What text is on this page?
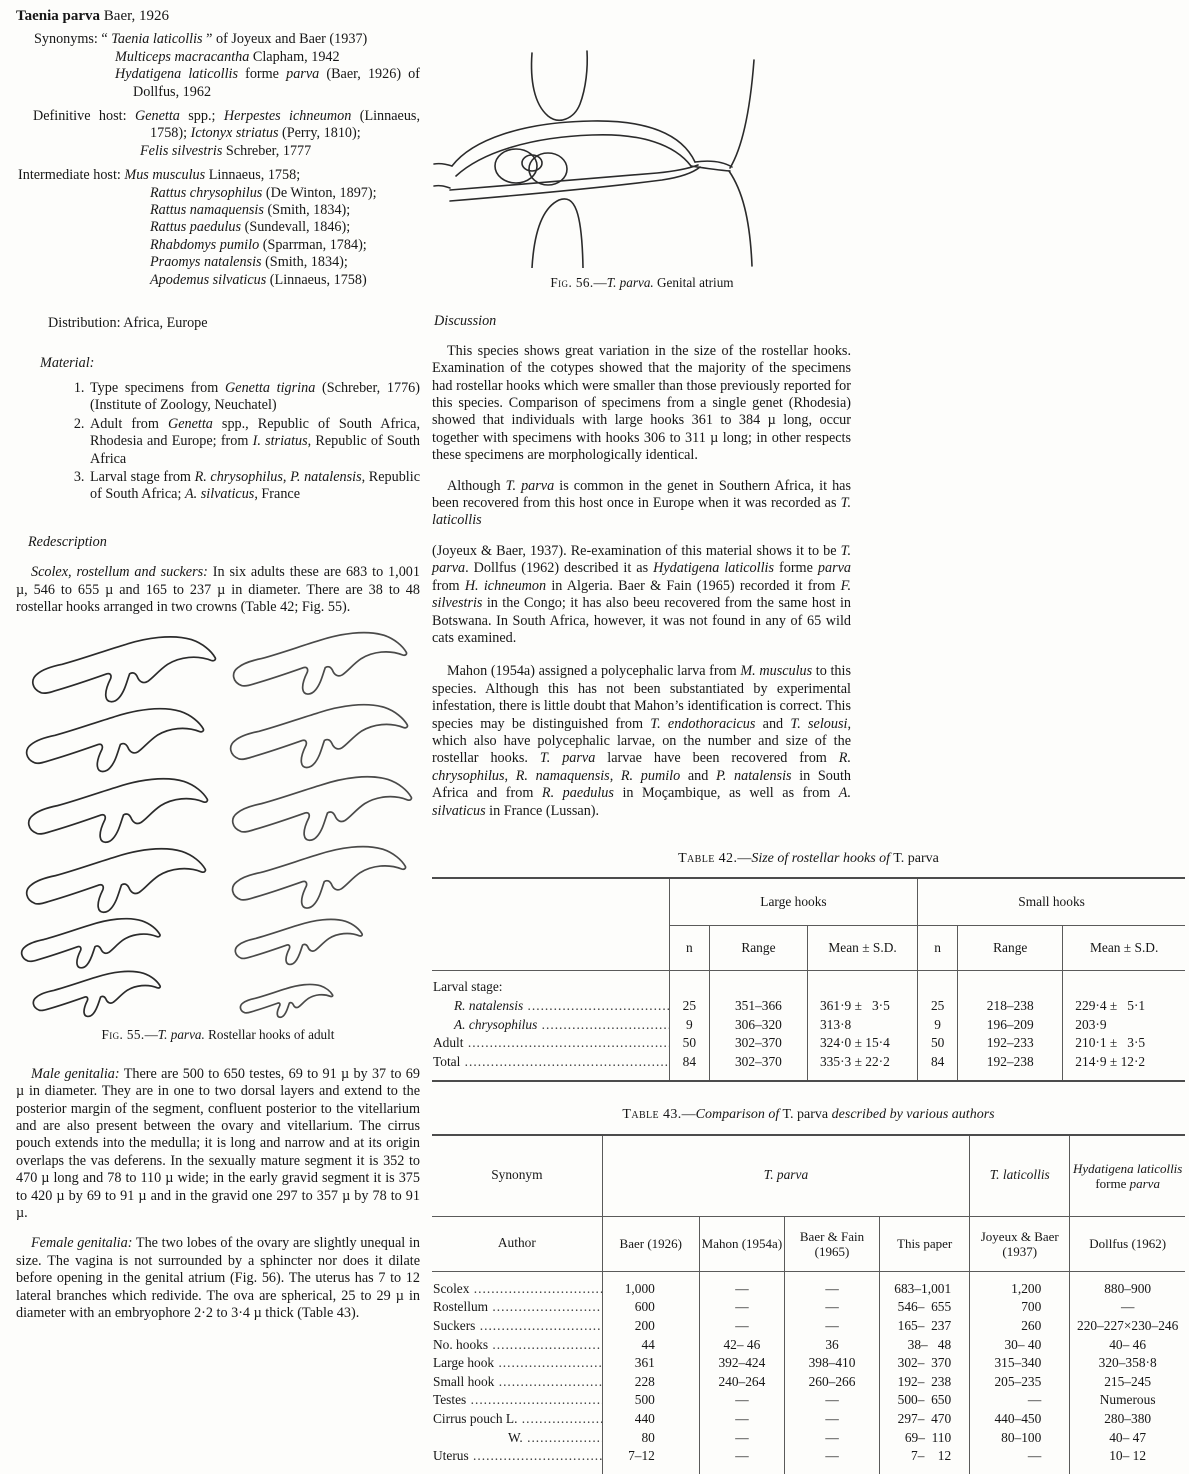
Taenia parva Baer, 1926
Synonyms: “ Taenia laticollis ” of Joyeux and Baer (1937)
Multiceps macracantha Clapham, 1942
Hydatigena laticollis forme parva (Baer, 1926) of Dollfus, 1962
Definitive host: Genetta spp.; Herpestes ichneumon (Linnaeus, 1758); Ictonyx striatus (Perry, 1810);
Felis silvestris Schreber, 1777
Intermediate host: Mus musculus Linnaeus, 1758;
Rattus chrysophilus (De Winton, 1897);
Rattus namaquensis (Smith, 1834);
Rattus paedulus (Sundevall, 1846);
Rhabdomys pumilo (Sparrman, 1784);
Praomys natalensis (Smith, 1834);
Apodemus silvaticus (Linnaeus, 1758)
Distribution: Africa, Europe
Material:
1. Type specimens from Genetta tigrina (Schreber, 1776) (Institute of Zoology, Neuchatel)
2. Adult from Genetta spp., Republic of South Africa, Rhodesia and Europe; from I. striatus, Republic of South Africa
3. Larval stage from R. chrysophilus, P. natalensis, Republic of South Africa; A. silvaticus, France
Redescription

Scolex, rostellum and suckers: In six adults these are 683 to 1,001 µ, 546 to 655 µ and 165 to 237 µ in diameter. There are 38 to 48 rostellar hooks arranged in two crowns (Table 42; Fig. 55).

Fig. 55.—T. parva. Rostellar hooks of adult

Male genitalia: There are 500 to 650 testes, 69 to 91 µ by 37 to 69 µ in diameter. They are in one to two dorsal layers and extend to the posterior margin of the segment, confluent posterior to the vitellarium and are also present between the ovary and vitellarium. The cirrus pouch extends into the medulla; it is long and narrow and at its origin overlaps the vas deferens. In the sexually mature segment it is 352 to 470 µ long and 78 to 110 µ wide; in the early gravid segment it is 375 to 420 µ by 69 to 91 µ and in the gravid one 297 to 357 µ by 78 to 91 µ.

Female genitalia: The two lobes of the ovary are slightly unequal in size. The vagina is not surrounded by a sphincter nor does it dilate before opening in the genital atrium (Fig. 56). The uterus has 7 to 12 lateral branches which redivide. The ova are spherical, 25 to 29 µ in diameter with an embryophore 2·2 to 3·4 µ thick (Table 43).

Fig. 56.—T. parva. Genital atrium
Discussion

This species shows great variation in the size of the rostellar hooks. Examination of the cotypes showed that the majority of the specimens had rostellar hooks which were smaller than those previously reported for this species. Comparison of specimens from a single genet (Rhodesia) showed that individuals with large hooks 361 to 384 µ long, occur together with specimens with hooks 306 to 311 µ long; in other respects these specimens are morphologically identical.

Although T. parva is common in the genet in Southern Africa, it has been recovered from this host once in Europe when it was recorded as T. laticollis

(Joyeux & Baer, 1937). Re-examination of this material shows it to be T. parva. Dollfus (1962) described it as Hydatigena laticollis forme parva from H. ichneumon in Algeria. Baer & Fain (1965) recorded it from F. silvestris in the Congo; it has also beeu recovered from the same host in Botswana. In South Africa, however, it was not found in any of 65 wild cats examined.

Mahon (1954a) assigned a polycephalic larva from M. musculus to this species. Although this has not been substantiated by experimental infestation, there is little doubt that Mahon’s identification is correct. This species may be distinguished from T. endothoracicus and T. selousi, which also have polycephalic larvae, on the number and size of the rostellar hooks. T. parva larvae have been recovered from R. chrysophilus, R. namaquensis, R. pumilo and P. natalensis in South Africa and from R. paedulus in Moçambique, as well as from A. silvaticus in France (Lussan).

Table 42.—Size of rostellar hooks of T. parva
	Large hooks			Small hooks		
	n	Range	Mean ± S.D.	n	Range	Mean ± S.D.
Larval stage:						
R. natalensis .....	25	351–366	361·9 ±   3·5	25	218–238	229·4 ±   5·1
A. chrysophilus .....	9	306–320	313·8	9	196–209	203·9
Adult .....	50	302–370	324·0 ± 15·4	50	192–233	210·1 ±   3·5
Total .....	84	302–370	335·3 ± 22·2	84	192–238	214·9 ± 12·2
Table 43.—Comparison of T. parva described by various authors
Synonym	T. parva				T. laticollis	Hydatigena laticollis forme parva
Author	Baer (1926)	Mahon (1954a)	Baer & Fain (1965)	This paper	Joyeux & Baer (1937)	Dollfus (1962)
Scolex .....	1,000	—	—	683–1,001	1,200	880–900
Rostellum .....	600	—	—	546–  655	700	—
Suckers .....	200	—	—	165–  237	260	220–227×230–246
No. hooks .....	44	42– 46	36	38–   48	30– 40	40– 46
Large hook .....	361	392–424	398–410	302–  370	315–340	320–358·8
Small hook .....	228	240–264	260–266	192–  238	205–235	215–245
Testes .....	500	—	—	500–  650	—	Numerous
Cirrus pouch L. .....	440	—	—	297–  470	440–450	280–380
W. .....	80	—	—	69–  110	80–100	40– 47
Uterus .....	7–12	—	—	7–    12	—	10– 12
